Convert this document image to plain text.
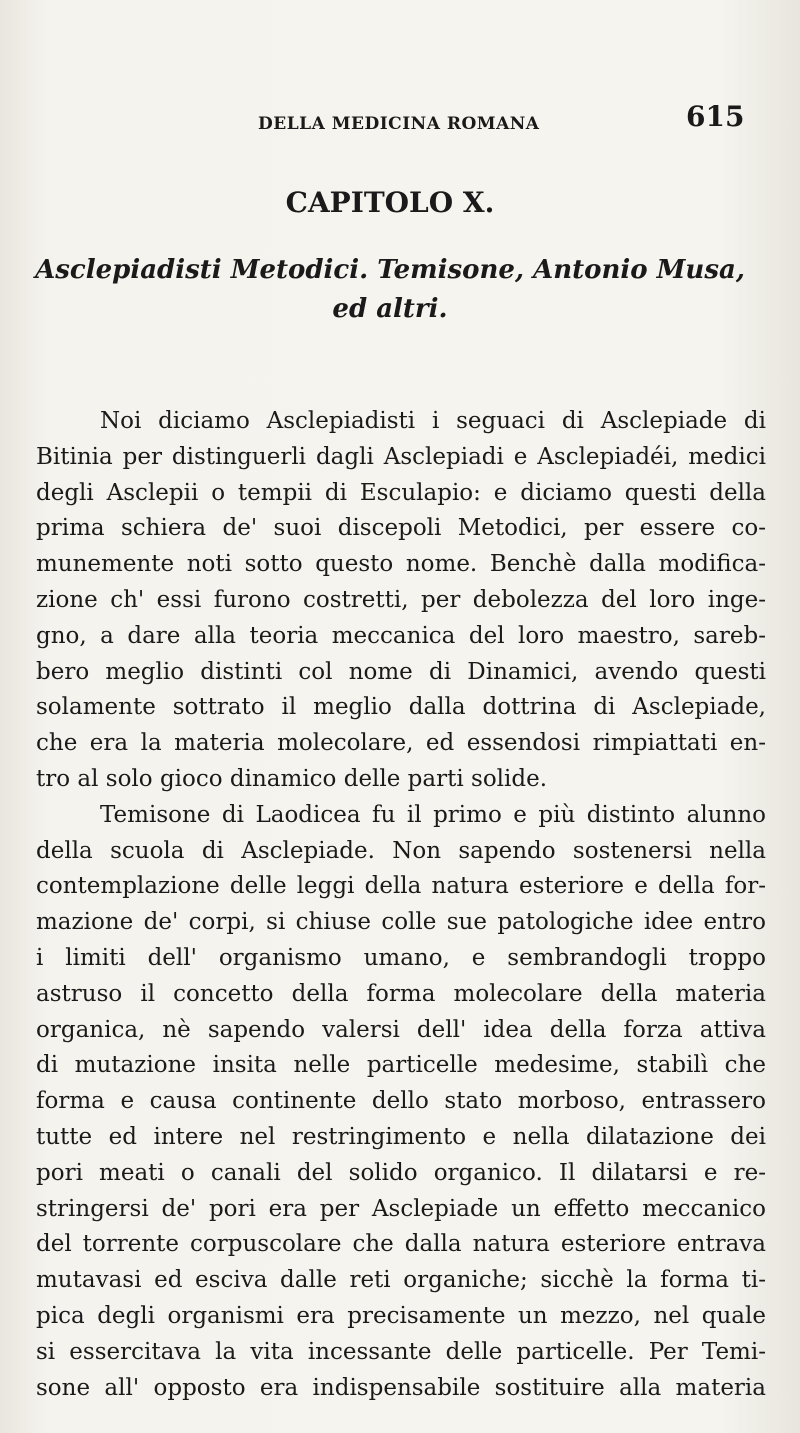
DELLA MEDICINA ROMANA	615
CAPITOLO X.
Asclepiadisti Metodici. Temisone, Antonio Musa,
ed altri.
Noi diciamo Asclepiadisti i seguaci di Asclepiade di
Bitinia per distinguerli dagli Asclepiadi e Asclepiadéi, medici
degli Asclepii o tempii di Esculapio: e diciamo questi della
prima schiera de' suoi discepoli Metodici, per essere co-
munemente noti sotto questo nome. Benchè dalla modifica-
zione ch' essi furono costretti, per debolezza del loro inge-
gno, a dare alla teoria meccanica del loro maestro, sareb-
bero meglio distinti col nome di Dinamici, avendo questi
solamente sottrato il meglio dalla dottrina di Asclepiade,
che era la materia molecolare, ed essendosi rimpiattati en-
tro al solo gioco dinamico delle parti solide.
Temisone di Laodicea fu il primo e più distinto alunno
della scuola di Asclepiade. Non sapendo sostenersi nella
contemplazione delle leggi della natura esteriore e della for-
mazione de' corpi, si chiuse colle sue patologiche idee entro
i limiti dell' organismo umano, e sembrandogli troppo
astruso il concetto della forma molecolare della materia
organica, nè sapendo valersi dell' idea della forza attiva
di mutazione insita nelle particelle medesime, stabilì che
forma e causa continente dello stato morboso, entrassero
tutte ed intere nel restringimento e nella dilatazione dei
pori meati o canali del solido organico. Il dilatarsi e re-
stringersi de' pori era per Asclepiade un effetto meccanico
del torrente corpuscolare che dalla natura esteriore entrava
mutavasi ed esciva dalle reti organiche; sicchè la forma ti-
pica degli organismi era precisamente un mezzo, nel quale
si essercitava la vita incessante delle particelle. Per Temi-
sone all' opposto era indispensabile sostituire alla materia
